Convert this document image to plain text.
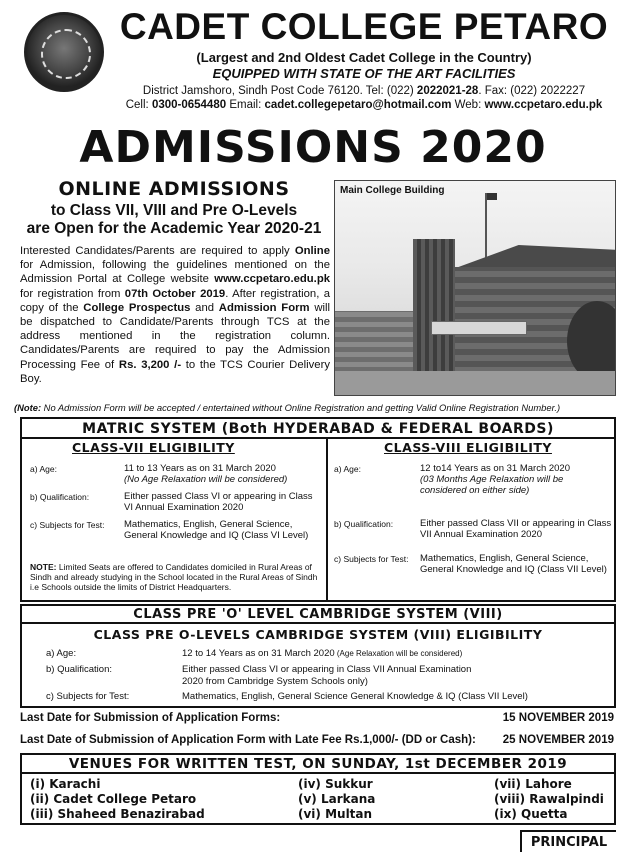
CADET COLLEGE PETARO
(Largest and 2nd Oldest Cadet College in the Country)
EQUIPPED WITH STATE OF THE ART FACILITIES
District Jamshoro, Sindh Post Code 76120. Tel: (022) 2022021-28. Fax: (022) 2022227
Cell: 0300-0654480 Email: cadet.collegepetaro@hotmail.com Web: www.ccpetaro.edu.pk
ADMISSIONS 2020
ONLINE ADMISSIONS
to Class VII, VIII and Pre O-Levels
are Open for the Academic Year 2020-21
Interested Candidates/Parents are required to apply Online for Admission, following the guidelines mentioned on the Admission Portal at College website www.ccpetaro.edu.pk for registration from 07th October 2019. After registration, a copy of the College Prospectus and Admission Form will be dispatched to Candidate/Parents through TCS at the address mentioned in the registration column. Candidates/Parents are required to pay the Admission Processing Fee of Rs. 3,200 /- to the TCS Courier Delivery Boy.
Main College Building
(Note: No Admission Form will be accepted / entertained without Online Registration and getting Valid Online Registration Number.)
MATRIC SYSTEM (Both HYDERABAD & FEDERAL BOARDS)
CLASS-VII ELIGIBILITY	CLASS-VIII ELIGIBILITY
a) Age:	11 to 13 Years as on 31 March 2020
(No Age Relaxation will be considered)
b) Qualification:	Either passed Class VI or appearing in Class VI Annual Examination 2020
c) Subjects for Test: Mathematics, English, General Science, General Knowledge and IQ (Class VI Level)
NOTE: Limited Seats are offered to Candidates domiciled in Rural Areas of Sindh and already studying in the School located in the Rural Areas of Sindh i.e Schools outside the limits of District Headquarters.
a) Age:	12 to14 Years as on 31 March 2020
(03 Months Age Relaxation will be considered on either side)
b) Qualification:	Either passed Class VII or appearing in Class VII Annual Examination 2020
c) Subjects for Test: Mathematics, English, General Science, General Knowledge and IQ (Class VII Level)
CLASS PRE 'O' LEVEL CAMBRIDGE SYSTEM (VIII)
CLASS PRE O-LEVELS CAMBRIDGE SYSTEM (VIII) ELIGIBILITY
a) Age:	12 to 14 Years as on 31 March 2020 (Age Relaxation will be considered)
b) Qualification:	Either passed Class VI or appearing in Class VII Annual Examination 2020 from Cambridge System Schools only)
c) Subjects for Test:	Mathematics, English, General Science General Knowledge & IQ (Class VII Level)
Last Date for Submission of Application Forms:	15 NOVEMBER 2019
Last Date of Submission of Application Form with Late Fee Rs.1,000/- (DD or Cash): 25 NOVEMBER 2019
VENUES FOR WRITTEN TEST, ON SUNDAY, 1st DECEMBER 2019
(i) Karachi
(ii) Cadet College Petaro
(iii) Shaheed Benazirabad
(iv) Sukkur
(v) Larkana
(vi) Multan
(vii) Lahore
(viii) Rawalpindi
(ix) Quetta
PRINCIPAL
